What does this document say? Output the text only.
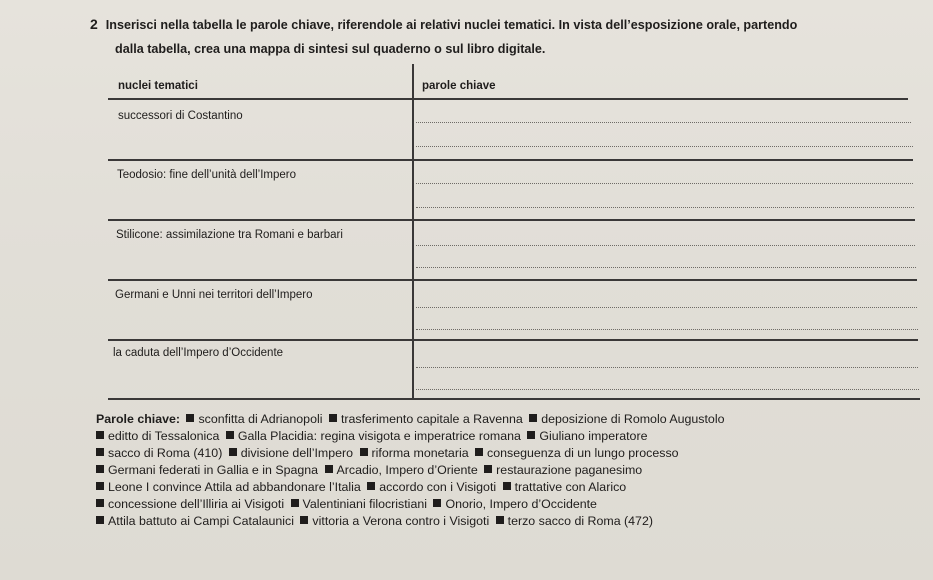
2 Inserisci nella tabella le parole chiave, riferendole ai relativi nuclei tematici. In vista dell’esposizione orale, partendo
dalla tabella, crea una mappa di sintesi sul quaderno o sul libro digitale.
nuclei tematici	parole chiave
successori di Costantino
Teodosio: fine dell’unità dell’Impero
Stilicone: assimilazione tra Romani e barbari
Germani e Unni nei territori dell’Impero
la caduta dell’Impero d’Occidente
Parole chiave: sconfitta di Adrianopoli trasferimento capitale a Ravenna deposizione di Romolo Augustolo
editto di Tessalonica Galla Placidia: regina visigota e imperatrice romana Giuliano imperatore
sacco di Roma (410) divisione dell’Impero riforma monetaria conseguenza di un lungo processo
Germani federati in Gallia e in Spagna Arcadio, Impero d’Oriente restaurazione paganesimo
Leone I convince Attila ad abbandonare l’Italia accordo con i Visigoti trattative con Alarico
concessione dell’Illiria ai Visigoti Valentiniani filocristiani Onorio, Impero d’Occidente
Attila battuto ai Campi Catalaunici vittoria a Verona contro i Visigoti terzo sacco di Roma (472)
